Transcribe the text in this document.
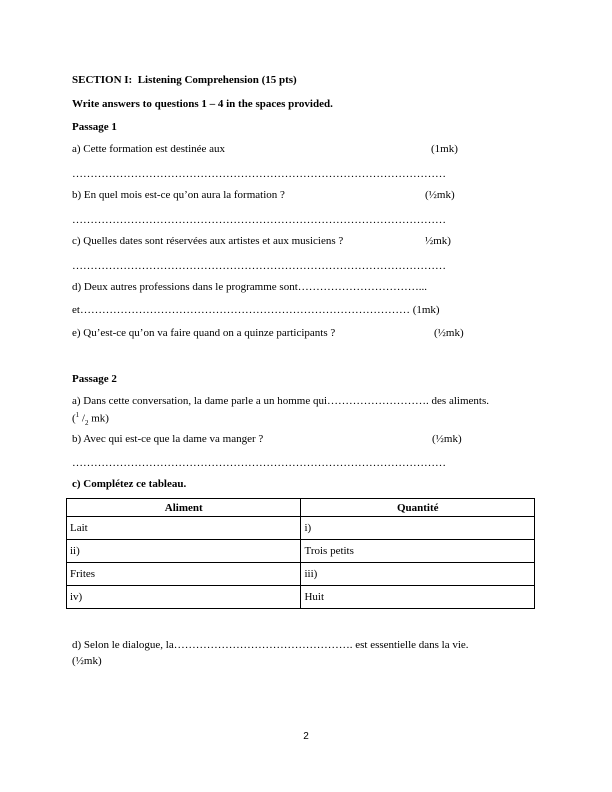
SECTION I:  Listening Comprehension (15 pts)
Write answers to questions 1 – 4 in the spaces provided.
Passage 1
a) Cette formation est destinée aux	(1mk)
…………………………………………………………………………………………
b) En quel mois est-ce qu’on aura la formation ?	(½mk)
…………………………………………………………………………………………
c) Quelles dates sont réservées aux artistes et aux musiciens ?	½mk)
…………………………………………………………………………………………
d) Deux autres professions dans le programme sont……………………………...
et……………………………………………………………………………… (1mk)
e) Qu’est-ce qu’on va faire quand on a quinze participants ?	(½mk)
Passage 2
a) Dans cette conversation, la dame parle a un homme qui………………………. des aliments.
($^1$ $/_2$ mk)
b) Avec qui est-ce que la dame va manger ?	(½mk)
…………………………………………………………………………………………
c) Complétez ce tableau.
Aliment	Quantité
Lait	i)
ii)	Trois petits
Frites	iii)
iv)	Huit
d) Selon le dialogue, la…………………………………………. est essentielle dans la vie.
(½mk)
2
